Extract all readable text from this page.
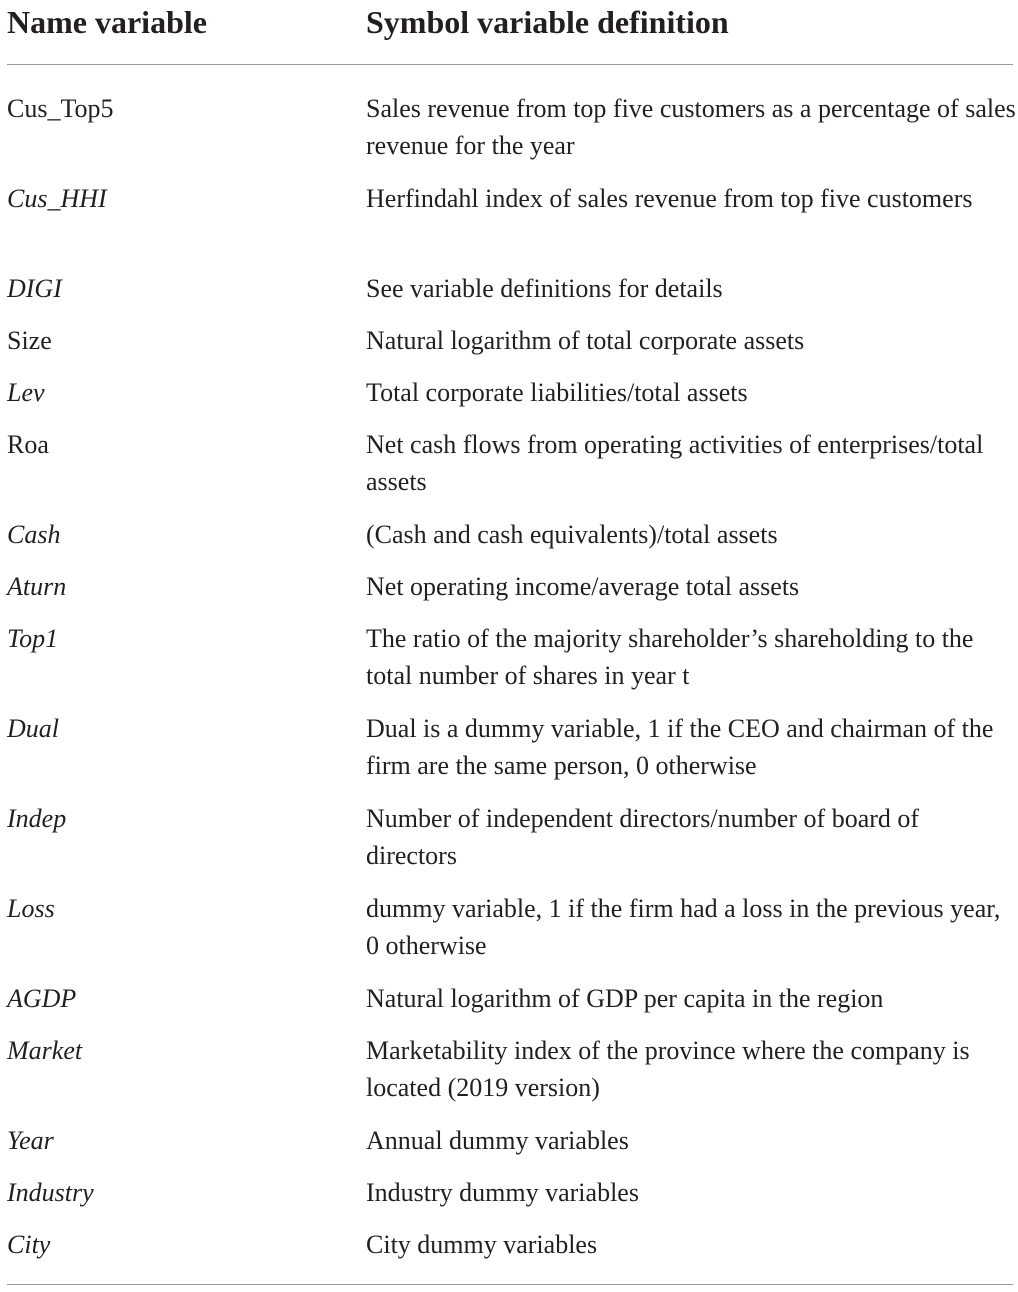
Name variable	Symbol variable definition
Cus_Top5	Sales revenue from top five customers as a percentage of sales revenue for the year
Cus_HHI	Herfindahl index of sales revenue from top five customers
DIGI	See variable definitions for details
Size	Natural logarithm of total corporate assets
Lev	Total corporate liabilities/total assets
Roa	Net cash flows from operating activities of enterprises/total assets
Cash	(Cash and cash equivalents)/total assets
Aturn	Net operating income/average total assets
Top1	The ratio of the majority shareholder’s shareholding to the total number of shares in year t
Dual	Dual is a dummy variable, 1 if the CEO and chairman of the firm are the same person, 0 otherwise
Indep	Number of independent directors/number of board of directors
Loss	dummy variable, 1 if the firm had a loss in the previous year, 0 otherwise
AGDP	Natural logarithm of GDP per capita in the region
Market	Marketability index of the province where the company is located (2019 version)
Year	Annual dummy variables
Industry	Industry dummy variables
City	City dummy variables
